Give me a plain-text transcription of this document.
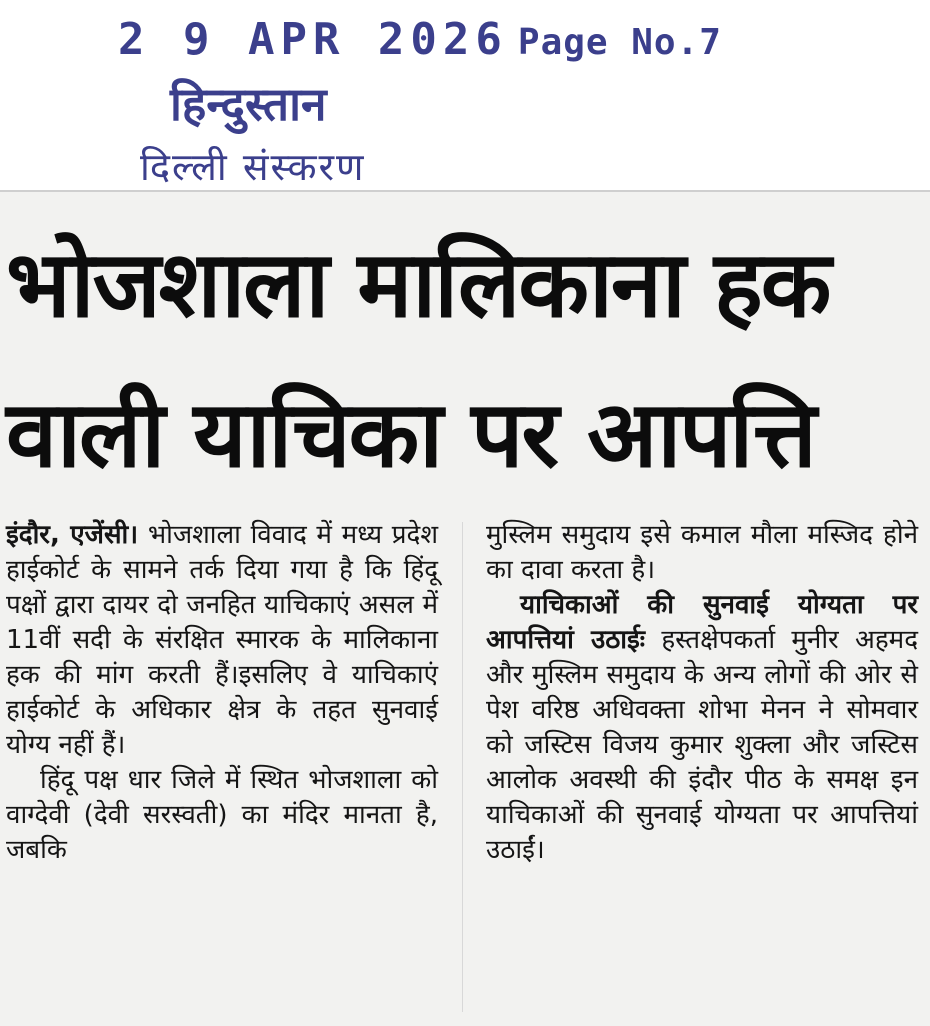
2 9 APR 2026 Page No.7
हिन्दुस्तान
दिल्ली संस्करण
भोजशाला मालिकाना हक वाली याचिका पर आपत्ति

इंदौर, एजेंसी। भोजशाला विवाद में मध्य प्रदेश हाईकोर्ट के सामने तर्क दिया गया है कि हिंदू पक्षों द्वारा दायर दो जनहित याचिकाएं असल में 11वीं सदी के संरक्षित स्मारक के मालिकाना हक की मांग करती हैं।इसलिए वे याचिकाएं हाईकोर्ट के अधिकार क्षेत्र के तहत सुनवाई योग्य नहीं हैं।

हिंदू पक्ष धार जिले में स्थित भोजशाला को वाग्देवी (देवी सरस्वती) का मंदिर मानता है, जबकि

मुस्लिम समुदाय इसे कमाल मौला मस्जिद होने का दावा करता है।

याचिकाओं की सुनवाई योग्यता पर आपत्तियां उठाईः हस्तक्षेपकर्ता मुनीर अहमद और मुस्लिम समुदाय के अन्य लोगों की ओर से पेश वरिष्ठ अधिवक्ता शोभा मेनन ने सोमवार को जस्टिस विजय कुमार शुक्ला और जस्टिस आलोक अवस्थी की इंदौर पीठ के समक्ष इन याचिकाओं की सुनवाई योग्यता पर आपत्तियां उठाईं।
